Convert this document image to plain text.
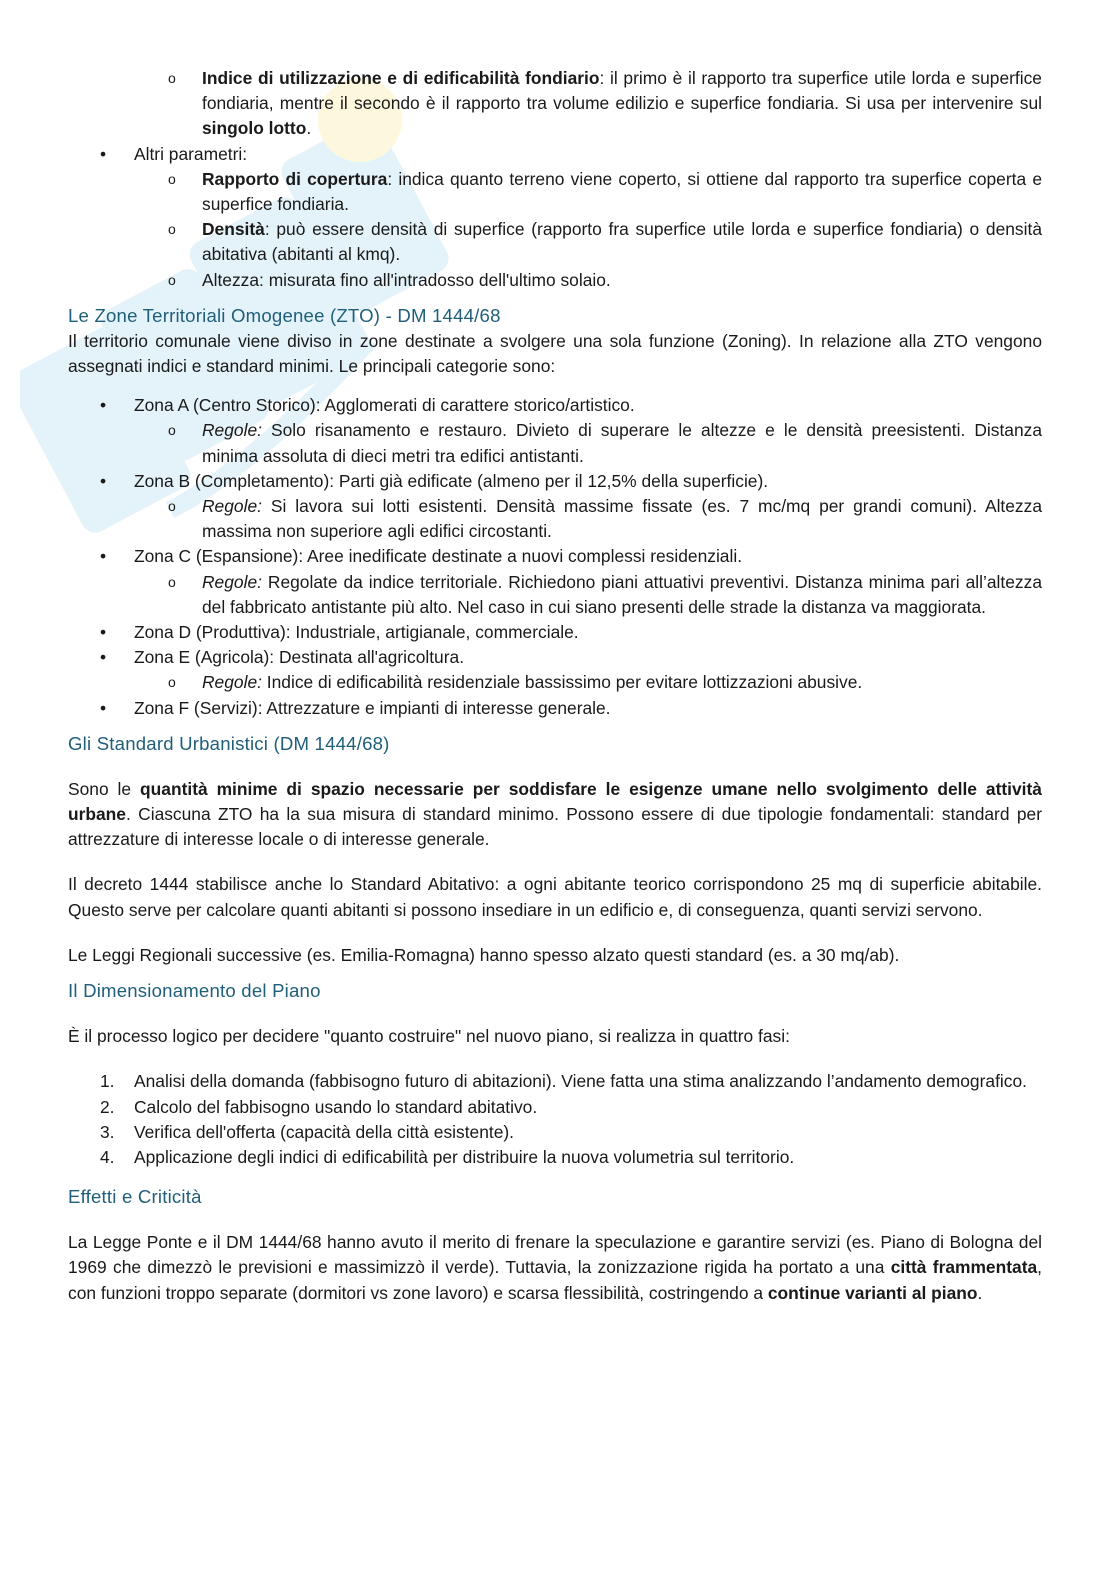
o Indice di utilizzazione e di edificabilità fondiario: il primo è il rapporto tra superfice utile lorda e superfice fondiaria, mentre il secondo è il rapporto tra volume edilizio e superfice fondiaria. Si usa per intervenire sul singolo lotto.
• Altri parametri:
o Rapporto di copertura: indica quanto terreno viene coperto, si ottiene dal rapporto tra superfice coperta e superfice fondiaria.
o Densità: può essere densità di superfice (rapporto fra superfice utile lorda e superfice fondiaria) o densità abitativa (abitanti al kmq).
o Altezza: misurata fino all'intradosso dell'ultimo solaio.
Le Zone Territoriali Omogenee (ZTO) - DM 1444/68

Il territorio comunale viene diviso in zone destinate a svolgere una sola funzione (Zoning). In relazione alla ZTO vengono assegnati indici e standard minimi. Le principali categorie sono:

• Zona A (Centro Storico): Agglomerati di carattere storico/artistico.
o Regole: Solo risanamento e restauro. Divieto di superare le altezze e le densità preesistenti. Distanza minima assoluta di dieci metri tra edifici antistanti.
• Zona B (Completamento): Parti già edificate (almeno per il 12,5% della superficie).
o Regole: Si lavora sui lotti esistenti. Densità massime fissate (es. 7 mc/mq per grandi comuni). Altezza massima non superiore agli edifici circostanti.
• Zona C (Espansione): Aree inedificate destinate a nuovi complessi residenziali.
o Regole: Regolate da indice territoriale. Richiedono piani attuativi preventivi. Distanza minima pari all’altezza del fabbricato antistante più alto. Nel caso in cui siano presenti delle strade la distanza va maggiorata.
• Zona D (Produttiva): Industriale, artigianale, commerciale.
• Zona E (Agricola): Destinata all'agricoltura.
o Regole: Indice di edificabilità residenziale bassissimo per evitare lottizzazioni abusive.
• Zona F (Servizi): Attrezzature e impianti di interesse generale.
Gli Standard Urbanistici (DM 1444/68)

Sono le quantità minime di spazio necessarie per soddisfare le esigenze umane nello svolgimento delle attività urbane. Ciascuna ZTO ha la sua misura di standard minimo. Possono essere di due tipologie fondamentali: standard per attrezzature di interesse locale o di interesse generale.

Il decreto 1444 stabilisce anche lo Standard Abitativo: a ogni abitante teorico corrispondono 25 mq di superficie abitabile. Questo serve per calcolare quanti abitanti si possono insediare in un edificio e, di conseguenza, quanti servizi servono.

Le Leggi Regionali successive (es. Emilia-Romagna) hanno spesso alzato questi standard (es. a 30 mq/ab).

Il Dimensionamento del Piano

È il processo logico per decidere "quanto costruire" nel nuovo piano, si realizza in quattro fasi:

1. Analisi della domanda (fabbisogno futuro di abitazioni). Viene fatta una stima analizzando l’andamento demografico.
2. Calcolo del fabbisogno usando lo standard abitativo.
3. Verifica dell'offerta (capacità della città esistente).
4. Applicazione degli indici di edificabilità per distribuire la nuova volumetria sul territorio.
Effetti e Criticità

La Legge Ponte e il DM 1444/68 hanno avuto il merito di frenare la speculazione e garantire servizi (es. Piano di Bologna del 1969 che dimezzò le previsioni e massimizzò il verde). Tuttavia, la zonizzazione rigida ha portato a una città frammentata, con funzioni troppo separate (dormitori vs zone lavoro) e scarsa flessibilità, costringendo a continue varianti al piano.
